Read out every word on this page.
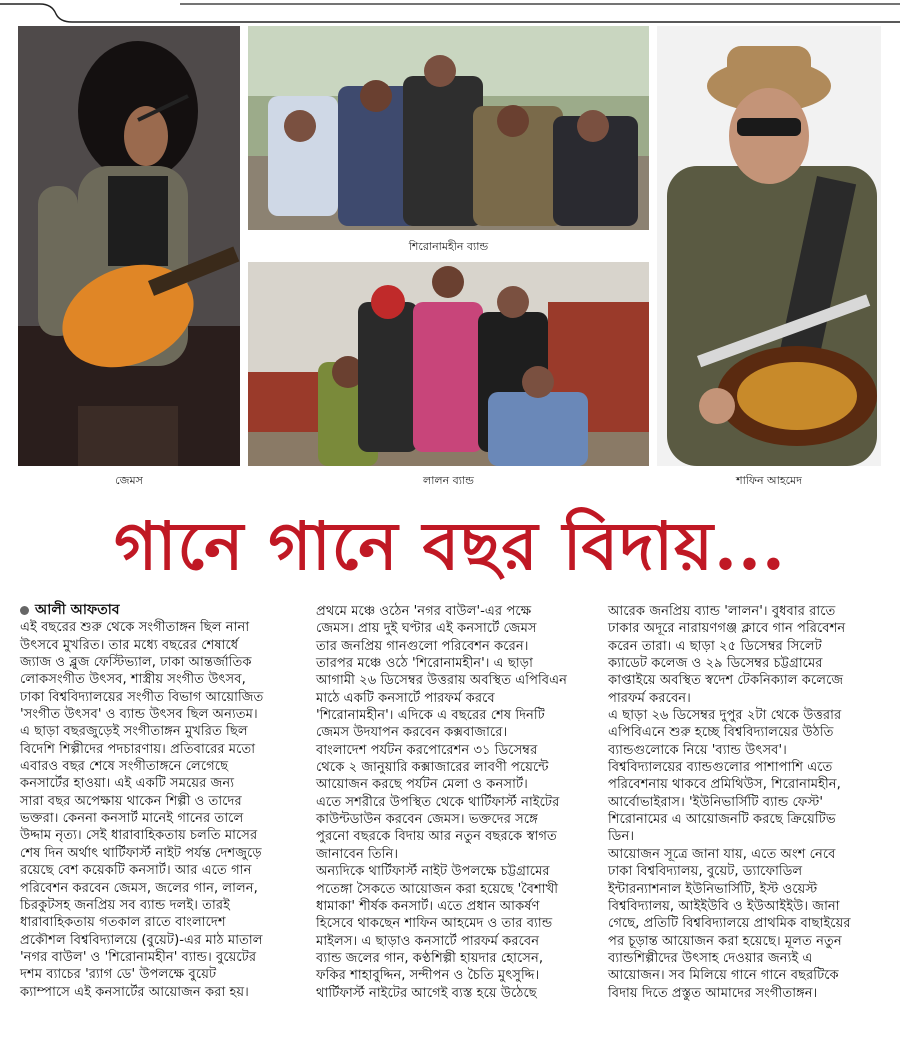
শিরোনামহীন ব্যান্ড
জেমস	লালন ব্যান্ড	শাফিন আহমেদ
গানে গানে বছর বিদায়...
আলী আফতাব

এই বছরের শুরু থেকে সংগীতাঙ্গন ছিল নানা

উৎসবে মুখরিত। তার মধ্যে বছরের শেষার্ধে

জ্যাজ ও ব্লুজ ফেস্টিভ্যাল, ঢাকা আন্তর্জাতিক

লোকসংগীত উৎসব, শাস্ত্রীয় সংগীত উৎসব,

ঢাকা বিশ্ববিদ্যালয়ের সংগীত বিভাগ আয়োজিত

'সংগীত উৎসব' ও ব্যান্ড উৎসব ছিল অন্যতম।

এ ছাড়া বছরজুড়েই সংগীতাঙ্গন মুখরিত ছিল

বিদেশি শিল্পীদের পদচারণায়। প্রতিবারের মতো

এবারও বছর শেষে সংগীতাঙ্গনে লেগেছে

কনসার্টের হাওয়া। এই একটি সময়ের জন্য

সারা বছর অপেক্ষায় থাকেন শিল্পী ও তাদের

ভক্তরা। কেননা কনসার্ট মানেই গানের তালে

উদ্দাম নৃত্য। সেই ধারাবাহিকতায় চলতি মাসের

শেষ দিন অর্থাৎ থার্টিফার্স্ট নাইট পর্যন্ত দেশজুড়ে

রয়েছে বেশ কয়েকটি কনসার্ট। আর এতে গান

পরিবেশন করবেন জেমস, জলের গান, লালন,

চিরকুটসহ জনপ্রিয় সব ব্যান্ড দলই। তারই

ধারাবাহিকতায় গতকাল রাতে বাংলাদেশ

প্রকৌশল বিশ্ববিদ্যালয়ে (বুয়েট)-এর মাঠ মাতাল

'নগর বাউল' ও 'শিরোনামহীন' ব্যান্ড। বুয়েটের

দশম ব্যাচের 'র‌্যাগ ডে' উপলক্ষে বুয়েট

ক্যাম্পাসে এই কনসার্টের আয়োজন করা হয়।

প্রথমে মঞ্চে ওঠেন 'নগর বাউল'-এর পক্ষে

জেমস। প্রায় দুই ঘণ্টার এই কনসার্টে জেমস

তার জনপ্রিয় গানগুলো পরিবেশন করেন।

তারপর মঞ্চে ওঠে 'শিরোনামহীন'। এ ছাড়া

আগামী ২৬ ডিসেম্বর উত্তরায় অবস্থিত এপিবিএন

মাঠে একটি কনসার্টে পারফর্ম করবে

'শিরোনামহীন'। এদিকে এ বছরের শেষ দিনটি

জেমস উদযাপন করবেন কক্সবাজারে।

বাংলাদেশ পর্যটন করপোরেশন ৩১ ডিসেম্বর

থেকে ২ জানুয়ারি কক্সাজারের লাবণী পয়েন্টে

আয়োজন করছে পর্যটন মেলা ও কনসার্ট।

এতে সশরীরে উপস্থিত থেকে থার্টিফার্স্ট নাইটের

কাউন্টডাউন করবেন জেমস। ভক্তদের সঙ্গে

পুরনো বছরকে বিদায় আর নতুন বছরকে স্বাগত

জানাবেন তিনি।

অন্যদিকে থার্টিফার্স্ট নাইট উপলক্ষে চট্টগ্রামের

পতেঙ্গা সৈকতে আয়োজন করা হয়েছে 'বৈশাখী

ধামাকা' শীর্ষক কনসার্ট। এতে প্রধান আকর্ষণ

হিসেবে থাকছেন শাফিন আহমেদ ও তার ব্যান্ড

মাইলস। এ ছাড়াও কনসার্টে পারফর্ম করবেন

ব্যান্ড জলের গান, কণ্ঠশিল্পী হায়দার হোসেন,

ফকির শাহাবুদ্দিন, সন্দীপন ও চৈতি মুৎসুদ্দি।

থার্টিফার্স্ট নাইটের আগেই ব্যস্ত হয়ে উঠেছে

আরেক জনপ্রিয় ব্যান্ড 'লালন'। বুধবার রাতে

ঢাকার অদূরে নারায়ণগঞ্জ ক্লাবে গান পরিবেশন

করেন তারা। এ ছাড়া ২৫ ডিসেম্বর সিলেট

ক্যাডেট কলেজ ও ২৯ ডিসেম্বর চট্টগ্রামের

কাপ্তাইয়ে অবস্থিত স্বদেশ টেকনিক্যাল কলেজে

পারফর্ম করবেন।

এ ছাড়া ২৬ ডিসেম্বর দুপুর ২টা থেকে উত্তরার

এপিবিএনে শুরু হচ্ছে বিশ্ববিদ্যালয়ের উঠতি

ব্যান্ডগুলোকে নিয়ে 'ব্যান্ড উৎসব'।

বিশ্ববিদ্যালয়ের ব্যান্ডগুলোর পাশাপাশি এতে

পরিবেশনায় থাকবে প্রমিথিউস, শিরোনামহীন,

আর্বোভাইরাস। 'ইউনিভার্সিটি ব্যান্ড ফেস্ট'

শিরোনামের এ আয়োজনটি করছে ক্রিয়েটিভ

ডিন।

আয়োজন সূত্রে জানা যায়, এতে অংশ নেবে

ঢাকা বিশ্ববিদ্যালয়, বুয়েট, ড্যাফোডিল

ইন্টারন্যাশনাল ইউনিভার্সিটি, ইস্ট ওয়েস্ট

বিশ্ববিদ্যালয়, আইইউবি ও ইউআইইউ। জানা

গেছে, প্রতিটি বিশ্ববিদ্যালয়ে প্রাথমিক বাছাইয়ের

পর চূড়ান্ত আয়োজন করা হয়েছে। মূলত নতুন

ব্যান্ডশিল্পীদের উৎসাহ দেওয়ার জন্যই এ

আয়োজন। সব মিলিয়ে গানে গানে বছরটিকে

বিদায় দিতে প্রস্তুত আমাদের সংগীতাঙ্গন।
